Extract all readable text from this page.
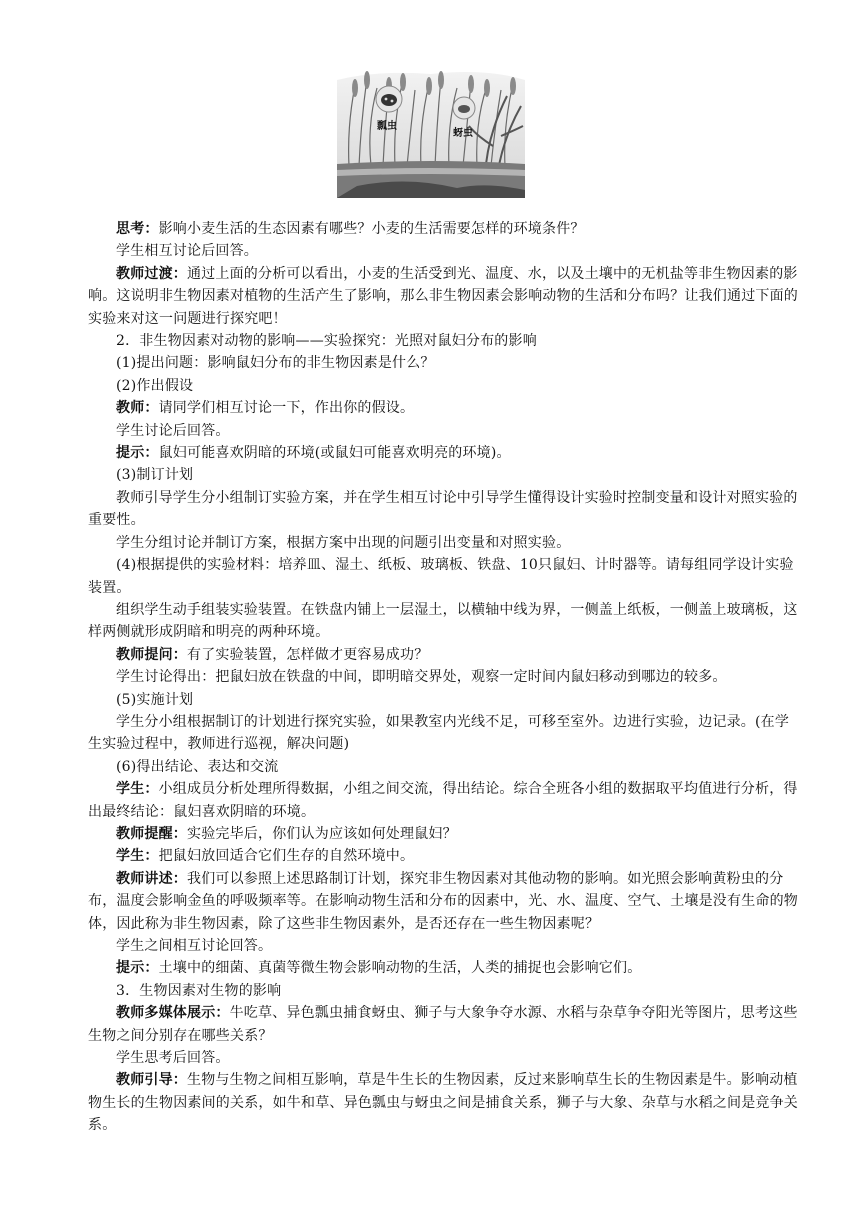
瓢虫
蚜虫

思考：影响小麦生活的生态因素有哪些？小麦的生活需要怎样的环境条件？

学生相互讨论后回答。

教师过渡：通过上面的分析可以看出，小麦的生活受到光、温度、水，以及土壤中的无机盐等非生物因素的影响。这说明非生物因素对植物的生活产生了影响，那么非生物因素会影响动物的生活和分布吗？让我们通过下面的实验来对这一问题进行探究吧！

2．非生物因素对动物的影响——实验探究：光照对鼠妇分布的影响

(1)提出问题：影响鼠妇分布的非生物因素是什么？

(2)作出假设

教师：请同学们相互讨论一下，作出你的假设。

学生讨论后回答。

提示：鼠妇可能喜欢阴暗的环境(或鼠妇可能喜欢明亮的环境)。

(3)制订计划

教师引导学生分小组制订实验方案，并在学生相互讨论中引导学生懂得设计实验时控制变量和设计对照实验的重要性。

学生分组讨论并制订方案，根据方案中出现的问题引出变量和对照实验。

(4)根据提供的实验材料：培养皿、湿土、纸板、玻璃板、铁盘、10只鼠妇、计时器等。请每组同学设计实验装置。

组织学生动手组装实验装置。在铁盘内铺上一层湿土，以横轴中线为界，一侧盖上纸板，一侧盖上玻璃板，这样两侧就形成阴暗和明亮的两种环境。

教师提问：有了实验装置，怎样做才更容易成功？

学生讨论得出：把鼠妇放在铁盘的中间，即明暗交界处，观察一定时间内鼠妇移动到哪边的较多。

(5)实施计划

学生分小组根据制订的计划进行探究实验，如果教室内光线不足，可移至室外。边进行实验，边记录。(在学生实验过程中，教师进行巡视，解决问题)

(6)得出结论、表达和交流

学生：小组成员分析处理所得数据，小组之间交流，得出结论。综合全班各小组的数据取平均值进行分析，得出最终结论：鼠妇喜欢阴暗的环境。

教师提醒：实验完毕后，你们认为应该如何处理鼠妇？

学生：把鼠妇放回适合它们生存的自然环境中。

教师讲述：我们可以参照上述思路制订计划，探究非生物因素对其他动物的影响。如光照会影响黄粉虫的分布，温度会影响金鱼的呼吸频率等。在影响动物生活和分布的因素中，光、水、温度、空气、土壤是没有生命的物体，因此称为非生物因素，除了这些非生物因素外，是否还存在一些生物因素呢？

学生之间相互讨论回答。

提示：土壤中的细菌、真菌等微生物会影响动物的生活，人类的捕捉也会影响它们。

3．生物因素对生物的影响

教师多媒体展示：牛吃草、异色瓢虫捕食蚜虫、狮子与大象争夺水源、水稻与杂草争夺阳光等图片，思考这些生物之间分别存在哪些关系？

学生思考后回答。

教师引导：生物与生物之间相互影响，草是牛生长的生物因素，反过来影响草生长的生物因素是牛。影响动植物生长的生物因素间的关系，如牛和草、异色瓢虫与蚜虫之间是捕食关系，狮子与大象、杂草与水稻之间是竞争关系。
